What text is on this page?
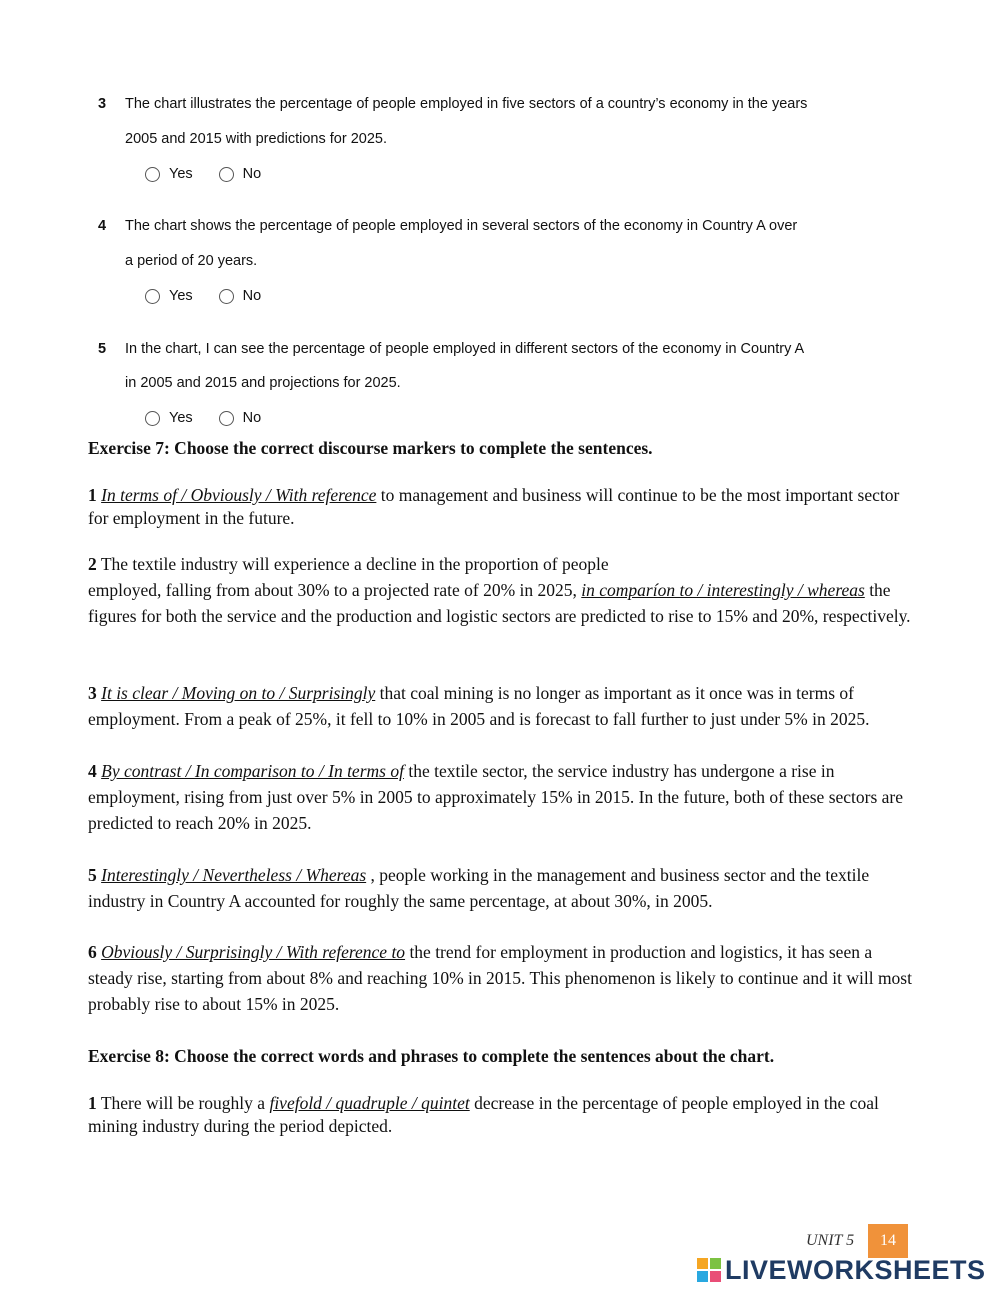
3 The chart illustrates the percentage of people employed in five sectors of a country’s economy in the years
2005 and 2015 with predictions for 2025.
Yes	No
4 The chart shows the percentage of people employed in several sectors of the economy in Country A over
a period of 20 years.
Yes	No
5 In the chart, I can see the percentage of people employed in different sectors of the economy in Country A
in 2005 and 2015 and projections for 2025.
Yes	No
Exercise 7: Choose the correct discourse markers to complete the sentences.
1 In terms of / Obviously / With reference to management and business will continue to be the most important sector for employment in the future.
2 The textile industry will experience a decline in the proportion of people
employed, falling from about 30% to a projected rate of 20% in 2025, in comparíon to / interestingly / whereas the figures for both the service and the production and logistic sectors are predicted to rise to 15% and 20%, respectively.
3 It is clear / Moving on to / Surprisingly that coal mining is no longer as important as it once was in terms of employment. From a peak of 25%, it fell to 10% in 2005 and is forecast to fall further to just under 5% in 2025.
4 By contrast / In comparison to / In terms of the textile sector, the service industry has undergone a rise in employment, rising from just over 5% in 2005 to approximately 15% in 2015. In the future, both of these sectors are predicted to reach 20% in 2025.
5 Interestingly / Nevertheless / Whereas , people working in the management and business sector and the textile industry in Country A accounted for roughly the same percentage, at about 30%, in 2005.
6 Obviously / Surprisingly / With reference to the trend for employment in production and logistics, it has seen a steady rise, starting from about 8% and reaching 10% in 2015. This phenomenon is likely to continue and it will most probably rise to about 15% in 2025.
Exercise 8: Choose the correct words and phrases to complete the sentences about the chart.
1 There will be roughly a fivefold / quadruple / quintet decrease in the percentage of people employed in the coal mining industry during the period depicted.
UNIT 5	14
LIVEWORKSHEETS
